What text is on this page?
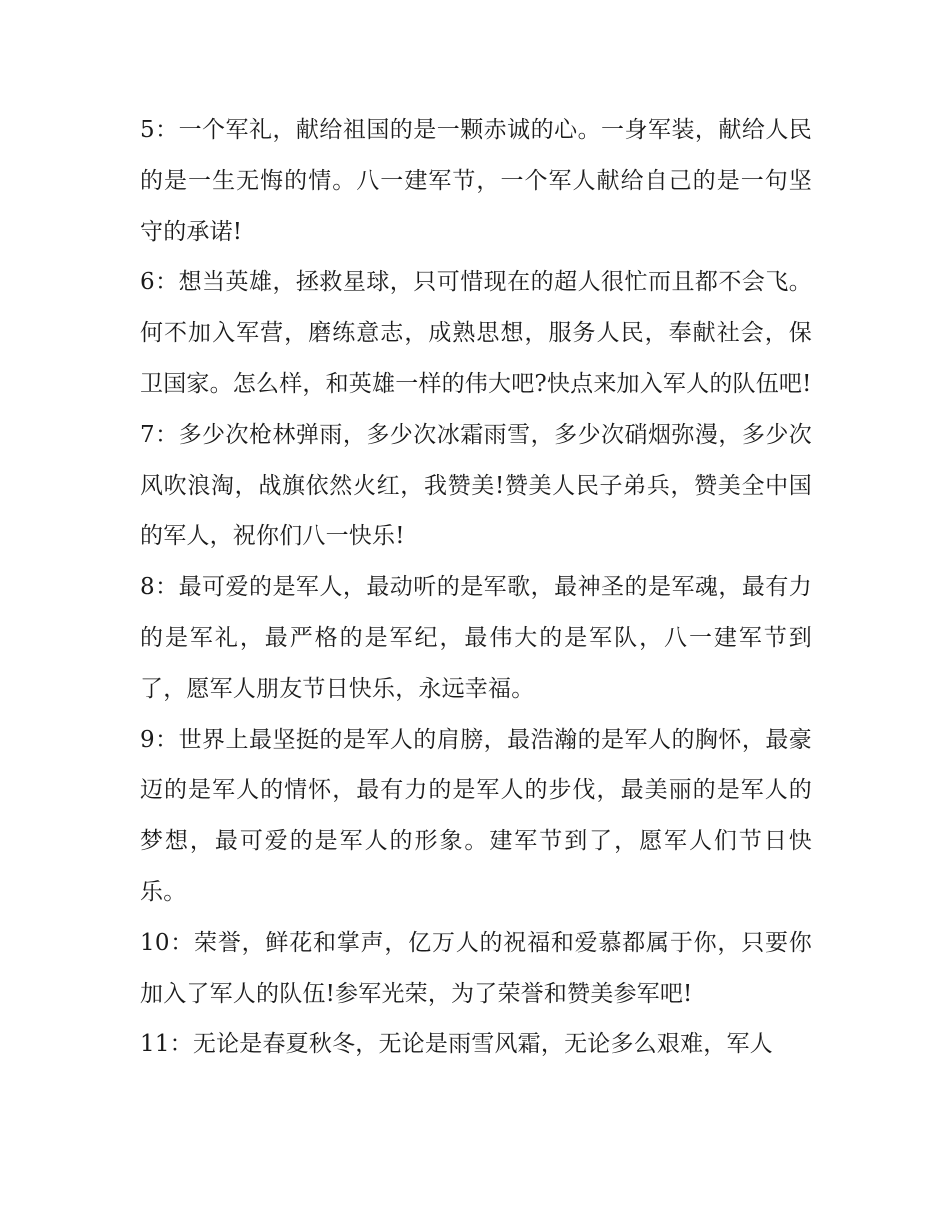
5：一个军礼，献给祖国的是一颗赤诚的心。一身军装，献给人民的是一生无悔的情。八一建军节，一个军人献给自己的是一句坚守的承诺!

6：想当英雄，拯救星球，只可惜现在的超人很忙而且都不会飞。何不加入军营，磨练意志，成熟思想，服务人民，奉献社会，保卫国家。怎么样，和英雄一样的伟大吧?快点来加入军人的队伍吧!

7：多少次枪林弹雨，多少次冰霜雨雪，多少次硝烟弥漫，多少次风吹浪淘，战旗依然火红，我赞美!赞美人民子弟兵，赞美全中国的军人，祝你们八一快乐!

8：最可爱的是军人，最动听的是军歌，最神圣的是军魂，最有力的是军礼，最严格的是军纪，最伟大的是军队，八一建军节到了，愿军人朋友节日快乐，永远幸福。

9：世界上最坚挺的是军人的肩膀，最浩瀚的是军人的胸怀，最豪迈的是军人的情怀，最有力的是军人的步伐，最美丽的是军人的梦想，最可爱的是军人的形象。建军节到了，愿军人们节日快乐。

10：荣誉，鲜花和掌声，亿万人的祝福和爱慕都属于你，只要你加入了军人的队伍!参军光荣，为了荣誉和赞美参军吧!

11：无论是春夏秋冬，无论是雨雪风霜，无论多么艰难，军人
